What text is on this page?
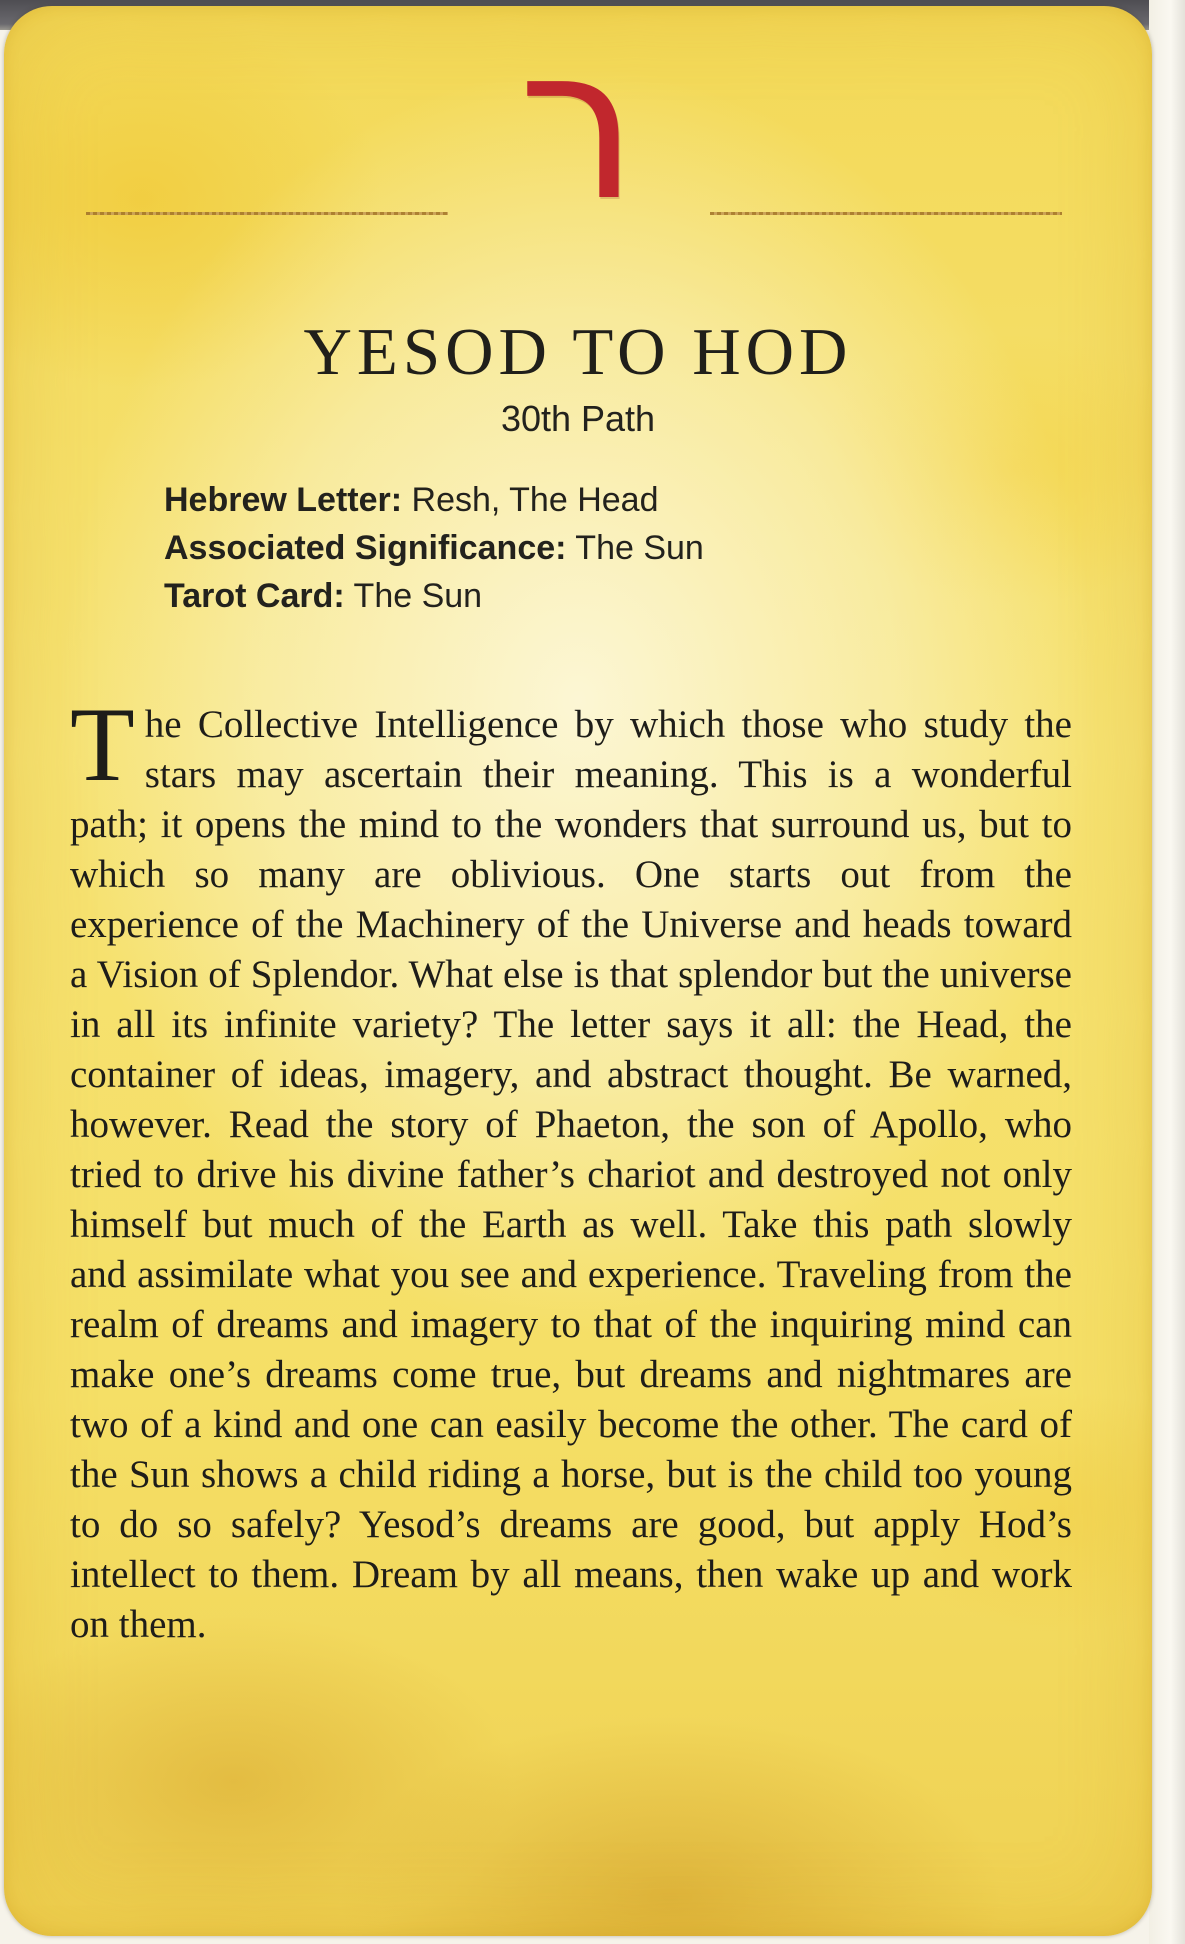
ר
YESOD TO HOD
30th Path
Hebrew Letter: Resh, The Head
Associated Significance: The Sun
Tarot Card: The Sun
The Collective Intelligence by which those who study the stars may ascertain their meaning. This is a wonderful path; it opens the mind to the wonders that surround us, but to which so many are oblivious. One starts out from the experience of the Machinery of the Universe and heads toward a Vision of Splendor. What else is that splendor but the universe in all its infinite variety? The letter says it all: the Head, the container of ideas, imagery, and abstract thought. Be warned, however. Read the story of Phaeton, the son of Apollo, who tried to drive his divine father’s chariot and destroyed not only himself but much of the Earth as well. Take this path slowly and assimilate what you see and experience. Traveling from the realm of dreams and imagery to that of the inquiring mind can make one’s dreams come true, but dreams and nightmares are two of a kind and one can easily become the other. The card of the Sun shows a child riding a horse, but is the child too young to do so safely? Yesod’s dreams are good, but apply Hod’s intellect to them. Dream by all means, then wake up and work on them.
